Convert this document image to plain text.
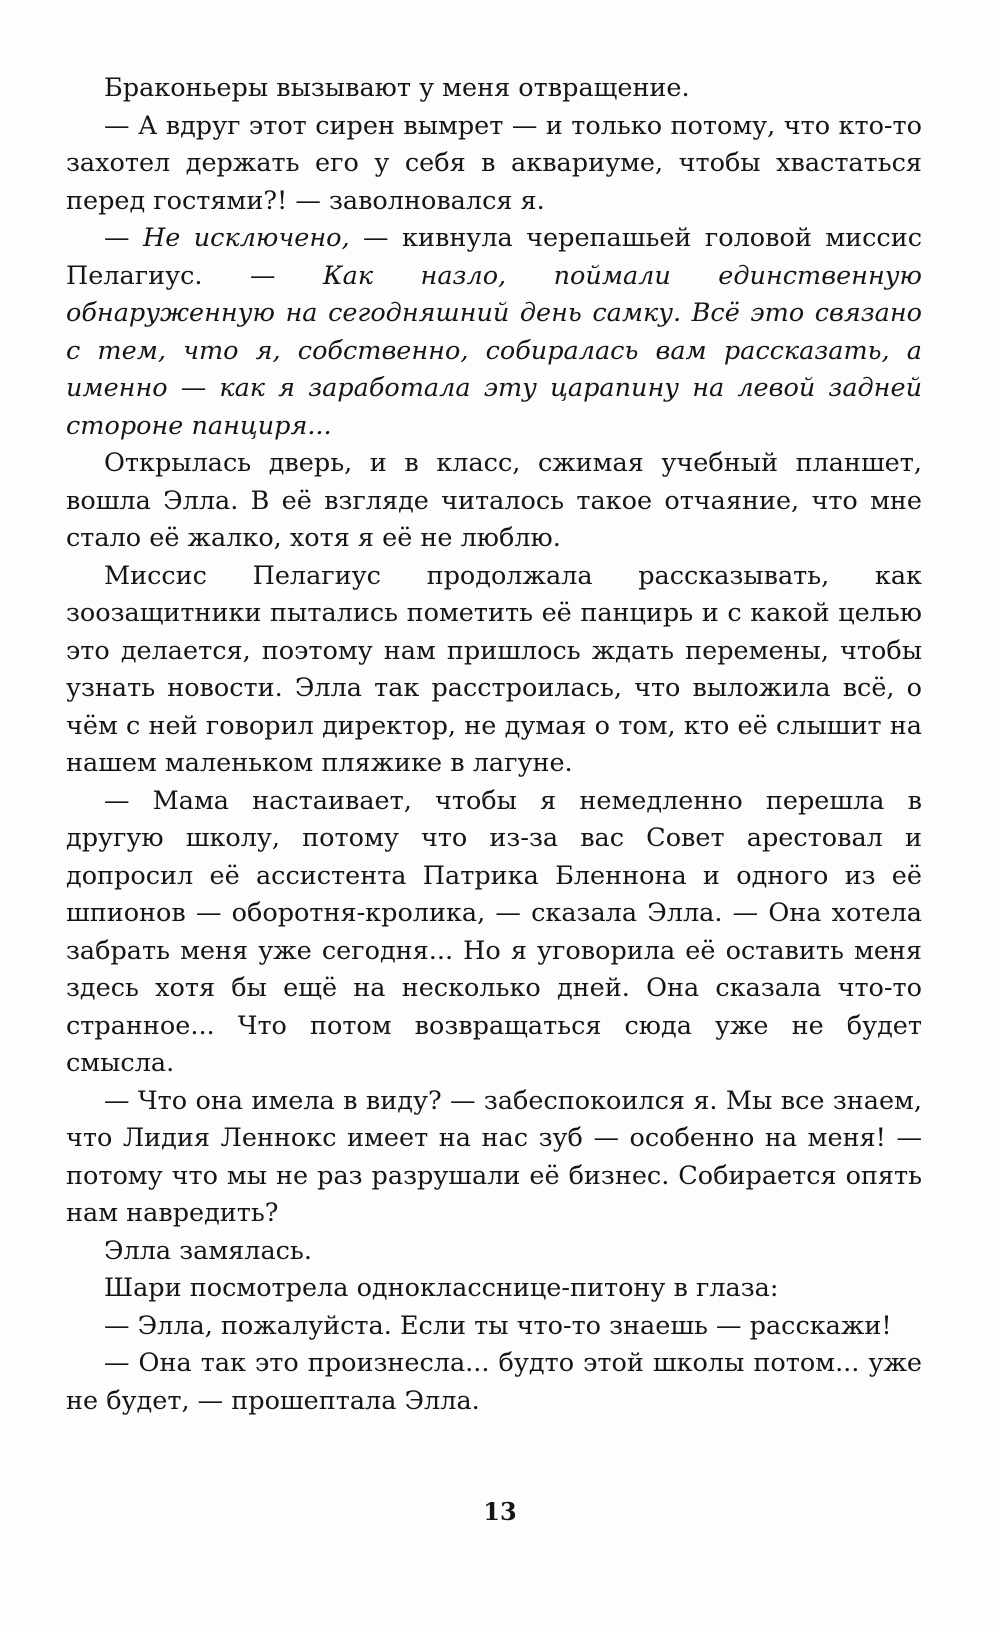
Браконьеры вызывают у меня отвращение.

— А вдруг этот сирен вымрет — и только потому, что кто-то захотел держать его у себя в аквариуме, чтобы хвастаться перед гостями?! — заволновался я.

— Не исключено, — кивнула черепашьей головой миссис Пелагиус. — Как назло, поймали единственную обнаруженную на сегодняшний день самку. Всё это связано с тем, что я, собственно, собиралась вам рассказать, а именно — как я заработала эту царапину на левой задней стороне панциря...

Открылась дверь, и в класс, сжимая учебный планшет, вошла Элла. В её взгляде читалось такое отчаяние, что мне стало её жалко, хотя я её не люблю.

Миссис Пелагиус продолжала рассказывать, как зоозащитники пытались пометить её панцирь и с какой целью это делается, поэтому нам пришлось ждать перемены, чтобы узнать новости. Элла так расстроилась, что выложила всё, о чём с ней говорил директор, не думая о том, кто её слышит на нашем маленьком пляжике в лагуне.

— Мама настаивает, чтобы я немедленно перешла в другую школу, потому что из-за вас Совет арестовал и допросил её ассистента Патрика Бленнона и одного из её шпионов — оборотня-кролика, — сказала Элла. — Она хотела забрать меня уже сегодня... Но я уговорила её оставить меня здесь хотя бы ещё на несколько дней. Она сказала что-то странное... Что потом возвращаться сюда уже не будет смысла.

— Что она имела в виду? — забеспокоился я. Мы все знаем, что Лидия Леннокс имеет на нас зуб — особенно на меня! — потому что мы не раз разрушали её бизнес. Собирается опять нам навредить?

Элла замялась.

Шари посмотрела однокласснице-питону в глаза:

— Элла, пожалуйста. Если ты что-то знаешь — расскажи!

— Она так это произнесла... будто этой школы потом... уже не будет, — прошептала Элла.

13
